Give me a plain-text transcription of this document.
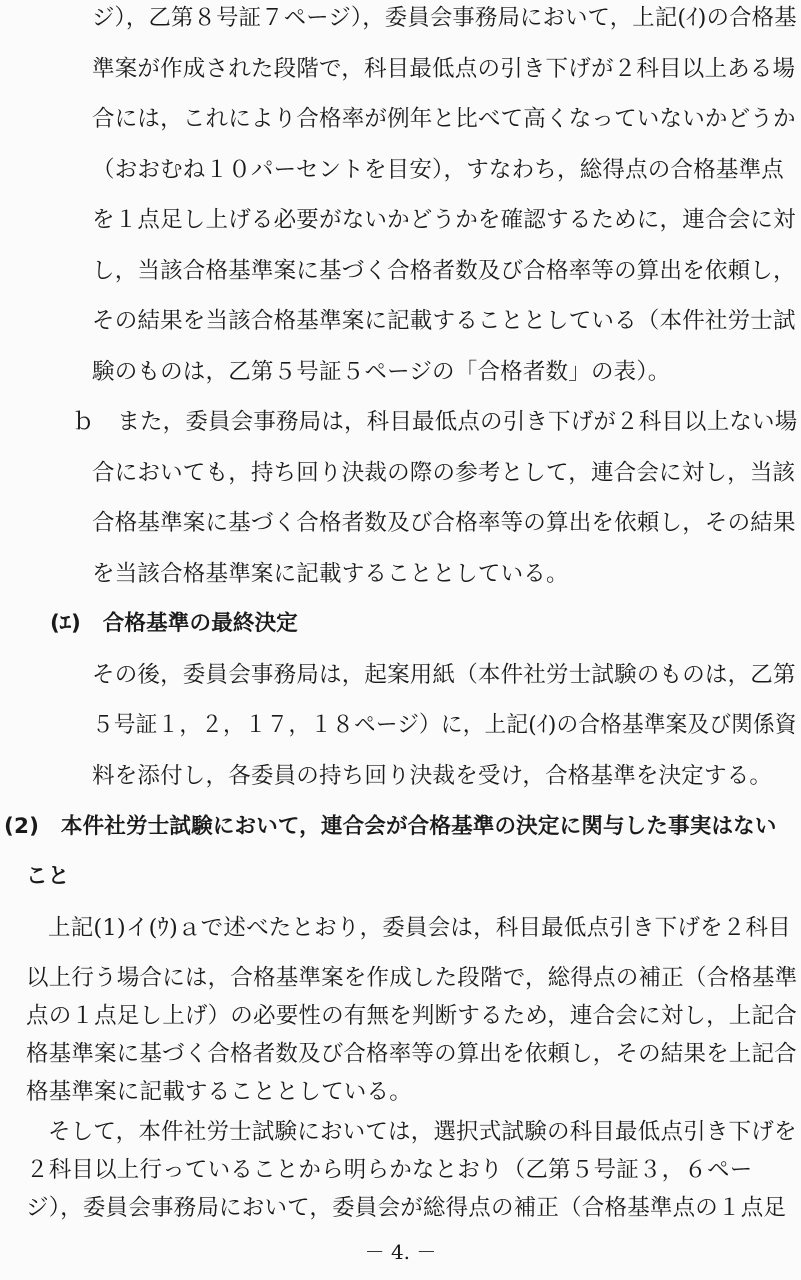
ジ），乙第８号証７ページ），委員会事務局において，上記(ｲ)の合格基
準案が作成された段階で，科目最低点の引き下げが２科目以上ある場
合には，これにより合格率が例年と比べて高くなっていないかどうか
（おおむね１０パーセントを目安），すなわち，総得点の合格基準点
を１点足し上げる必要がないかどうかを確認するために，連合会に対
し，当該合格基準案に基づく合格者数及び合格率等の算出を依頼し，
その結果を当該合格基準案に記載することとしている（本件社労士試
験のものは，乙第５号証５ページの「合格者数」の表）。
ｂ　また，委員会事務局は，科目最低点の引き下げが２科目以上ない場
合においても，持ち回り決裁の際の参考として，連合会に対し，当該
合格基準案に基づく合格者数及び合格率等の算出を依頼し，その結果
を当該合格基準案に記載することとしている。
(ｴ)　合格基準の最終決定
その後，委員会事務局は，起案用紙（本件社労士試験のものは，乙第
５号証１，２，１７，１８ページ）に，上記(ｲ)の合格基準案及び関係資
料を添付し，各委員の持ち回り決裁を受け，合格基準を決定する。
(2)　本件社労士試験において，連合会が合格基準の決定に関与した事実はない
こと
上記(1)イ(ｳ)ａで述べたとおり，委員会は，科目最低点引き下げを２科目
以上行う場合には，合格基準案を作成した段階で，総得点の補正（合格基準
点の１点足し上げ）の必要性の有無を判断するため，連合会に対し，上記合
格基準案に基づく合格者数及び合格率等の算出を依頼し，その結果を上記合
格基準案に記載することとしている。
そして，本件社労士試験においては，選択式試験の科目最低点引き下げを
２科目以上行っていることから明らかなとおり（乙第５号証３，６ペー
－ 4. －
ジ），委員会事務局において，委員会が総得点の補正（合格基準点の１点足
